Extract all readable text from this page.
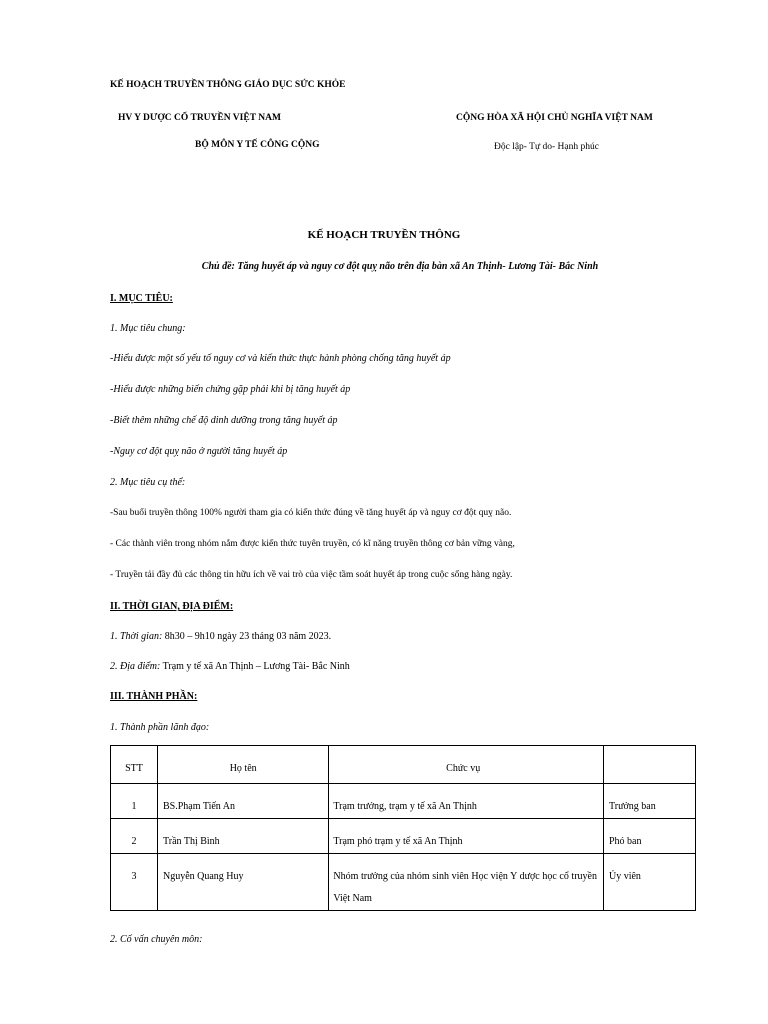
KẾ HOẠCH TRUYỀN THÔNG GIÁO DỤC SỨC KHỎE
HV Y DƯỢC CỔ TRUYỀN VIỆT NAM	CỘNG HÒA XÃ HỘI CHỦ NGHĨA VIỆT NAM
BỘ MÔN Y TẾ CÔNG CỘNG	Độc lập- Tự do- Hạnh phúc
KẾ HOẠCH TRUYỀN THÔNG
Chủ đề: Tăng huyết áp và nguy cơ đột quỵ não trên địa bàn xã An Thịnh- Lương Tài- Bắc Ninh
I. MỤC TIÊU:
1. Mục tiêu chung:
-Hiểu được một số yếu tố nguy cơ và kiến thức thực hành phòng chống tăng huyết áp
-Hiểu được những biến chứng gặp phải khi bị tăng huyết áp
-Biết thêm những chế độ dinh dưỡng trong tăng huyết áp
-Nguy cơ đột quỵ não ở người tăng huyết áp
2. Mục tiêu cụ thể:
-Sau buổi truyền thông 100% người tham gia có kiến thức đúng về tăng huyết áp và nguy cơ đột quỵ não.
- Các thành viên trong nhóm nắm được kiến thức tuyên truyền, có kĩ năng truyền thông cơ bản vững vàng,
- Truyền tải đầy đủ các thông tin hữu ích về vai trò của việc tầm soát huyết áp trong cuộc sống hàng ngày.
II. THỜI GIAN, ĐỊA ĐIỂM:
1. Thời gian: 8h30 – 9h10 ngày 23 tháng 03 năm 2023.
2. Địa điểm: Trạm y tế xã An Thịnh – Lương Tài- Bắc Ninh
III. THÀNH PHẦN:
1. Thành phần lãnh đạo:
STT	Họ tên	Chức vụ	

1	BS.Phạm Tiến An	Trạm trưởng, trạm y tế xã An Thịnh	Trưởng ban

2	Trần Thị Bình	Trạm phó trạm y tế xã An Thịnh	Phó ban

3	Nguyễn Quang Huy	Nhóm trưởng của nhóm sinh viên Học viện Y dược học cổ truyền Việt Nam	Ủy viên
2. Cố vấn chuyên môn:
